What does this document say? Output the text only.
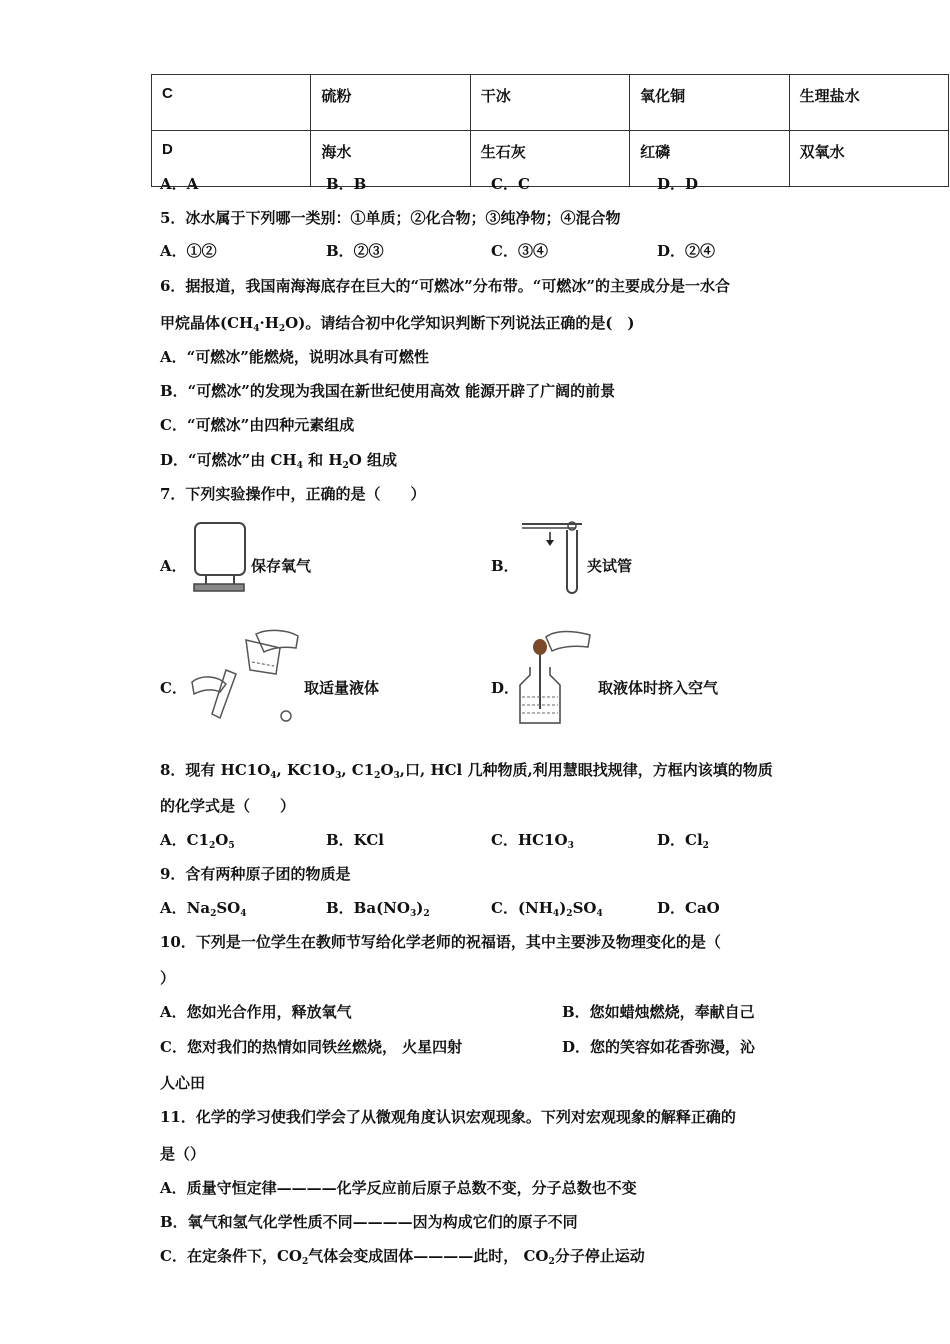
C	硫粉	干冰	氧化铜	生理盐水
D	海水	生石灰	红磷	双氧水
A．A	B．B	C．C	D．D
5．冰水属于下列哪一类别：①单质；②化合物；③纯净物；④混合物
A．①②	B．②③	C．③④	D．②④
6．据报道，我国南海海底存在巨大的“可燃冰”分布带。“可燃冰”的主要成分是一水合
甲烷晶体$(CH_4\cdot H_2O)$。请结合初中化学知识判断下列说法正确的是(　)
A．“可燃冰”能燃烧，说明冰具有可燃性
B．“可燃冰”的发现为我国在新世纪使用高效 能源开辟了广阔的前景
C．“可燃冰”由四种元素组成
D．“可燃冰”由 $CH_4$ 和 $H_2O$ 组成
7．下列实验操作中，正确的是（　　）
A．	保存氧气	B．	夹试管
C．	取适量液体	D．	取液体时挤入空气
8．现有 $HC1O_4$, $KC1O_3$, $C1_2O_3$,口, HCl 几种物质,利用慧眼找规律，方框内该填的物质
的化学式是（　　）
A．$C1_2O_5$	B．KCl	C．$HC1O_3$	D．$Cl_2$
9．含有两种原子团的物质是
A．$Na_2SO_4$	B．$Ba(NO_3)_2$	C．$(NH_4)_2SO_4$	D．CaO
10．下列是一位学生在教师节写给化学老师的祝福语，其中主要涉及物理变化的是（
）
A．您如光合作用，释放氧气	B．您如蜡烛燃烧，奉献自己
C．您对我们的热情如同铁丝燃烧， 火星四射	D．您的笑容如花香弥漫，沁
人心田
11．化学的学习使我们学会了从微观角度认识宏观现象。下列对宏观现象的解释正确的
是（）
A．质量守恒定律————化学反应前后原子总数不变，分子总数也不变
B．氧气和氢气化学性质不同————因为构成它们的原子不同
C．在定条件下，$CO_2$气体会变成固体————此时， $CO_2$分子停止运动
